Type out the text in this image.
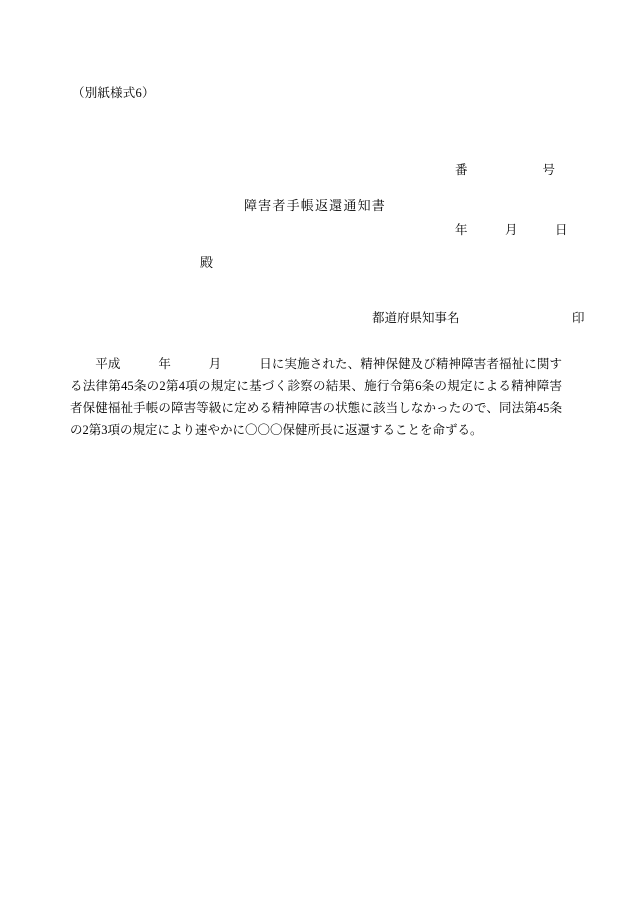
（別紙様式6）

番　　　　　　号

年　　　月　　　日

障害者手帳返還通知書
殿
都道府県知事名　　　　　　　　　印

　　平成　　　年　　　月　　　日に実施された、精神保健及び精神障害者福祉に関する法律第45条の2第4項の規定に基づく診察の結果、施行令第6条の規定による精神障害者保健福祉手帳の障害等級に定める精神障害の状態に該当しなかったので、同法第45条の2第3項の規定により速やかに〇〇〇保健所長に返還することを命ずる。
